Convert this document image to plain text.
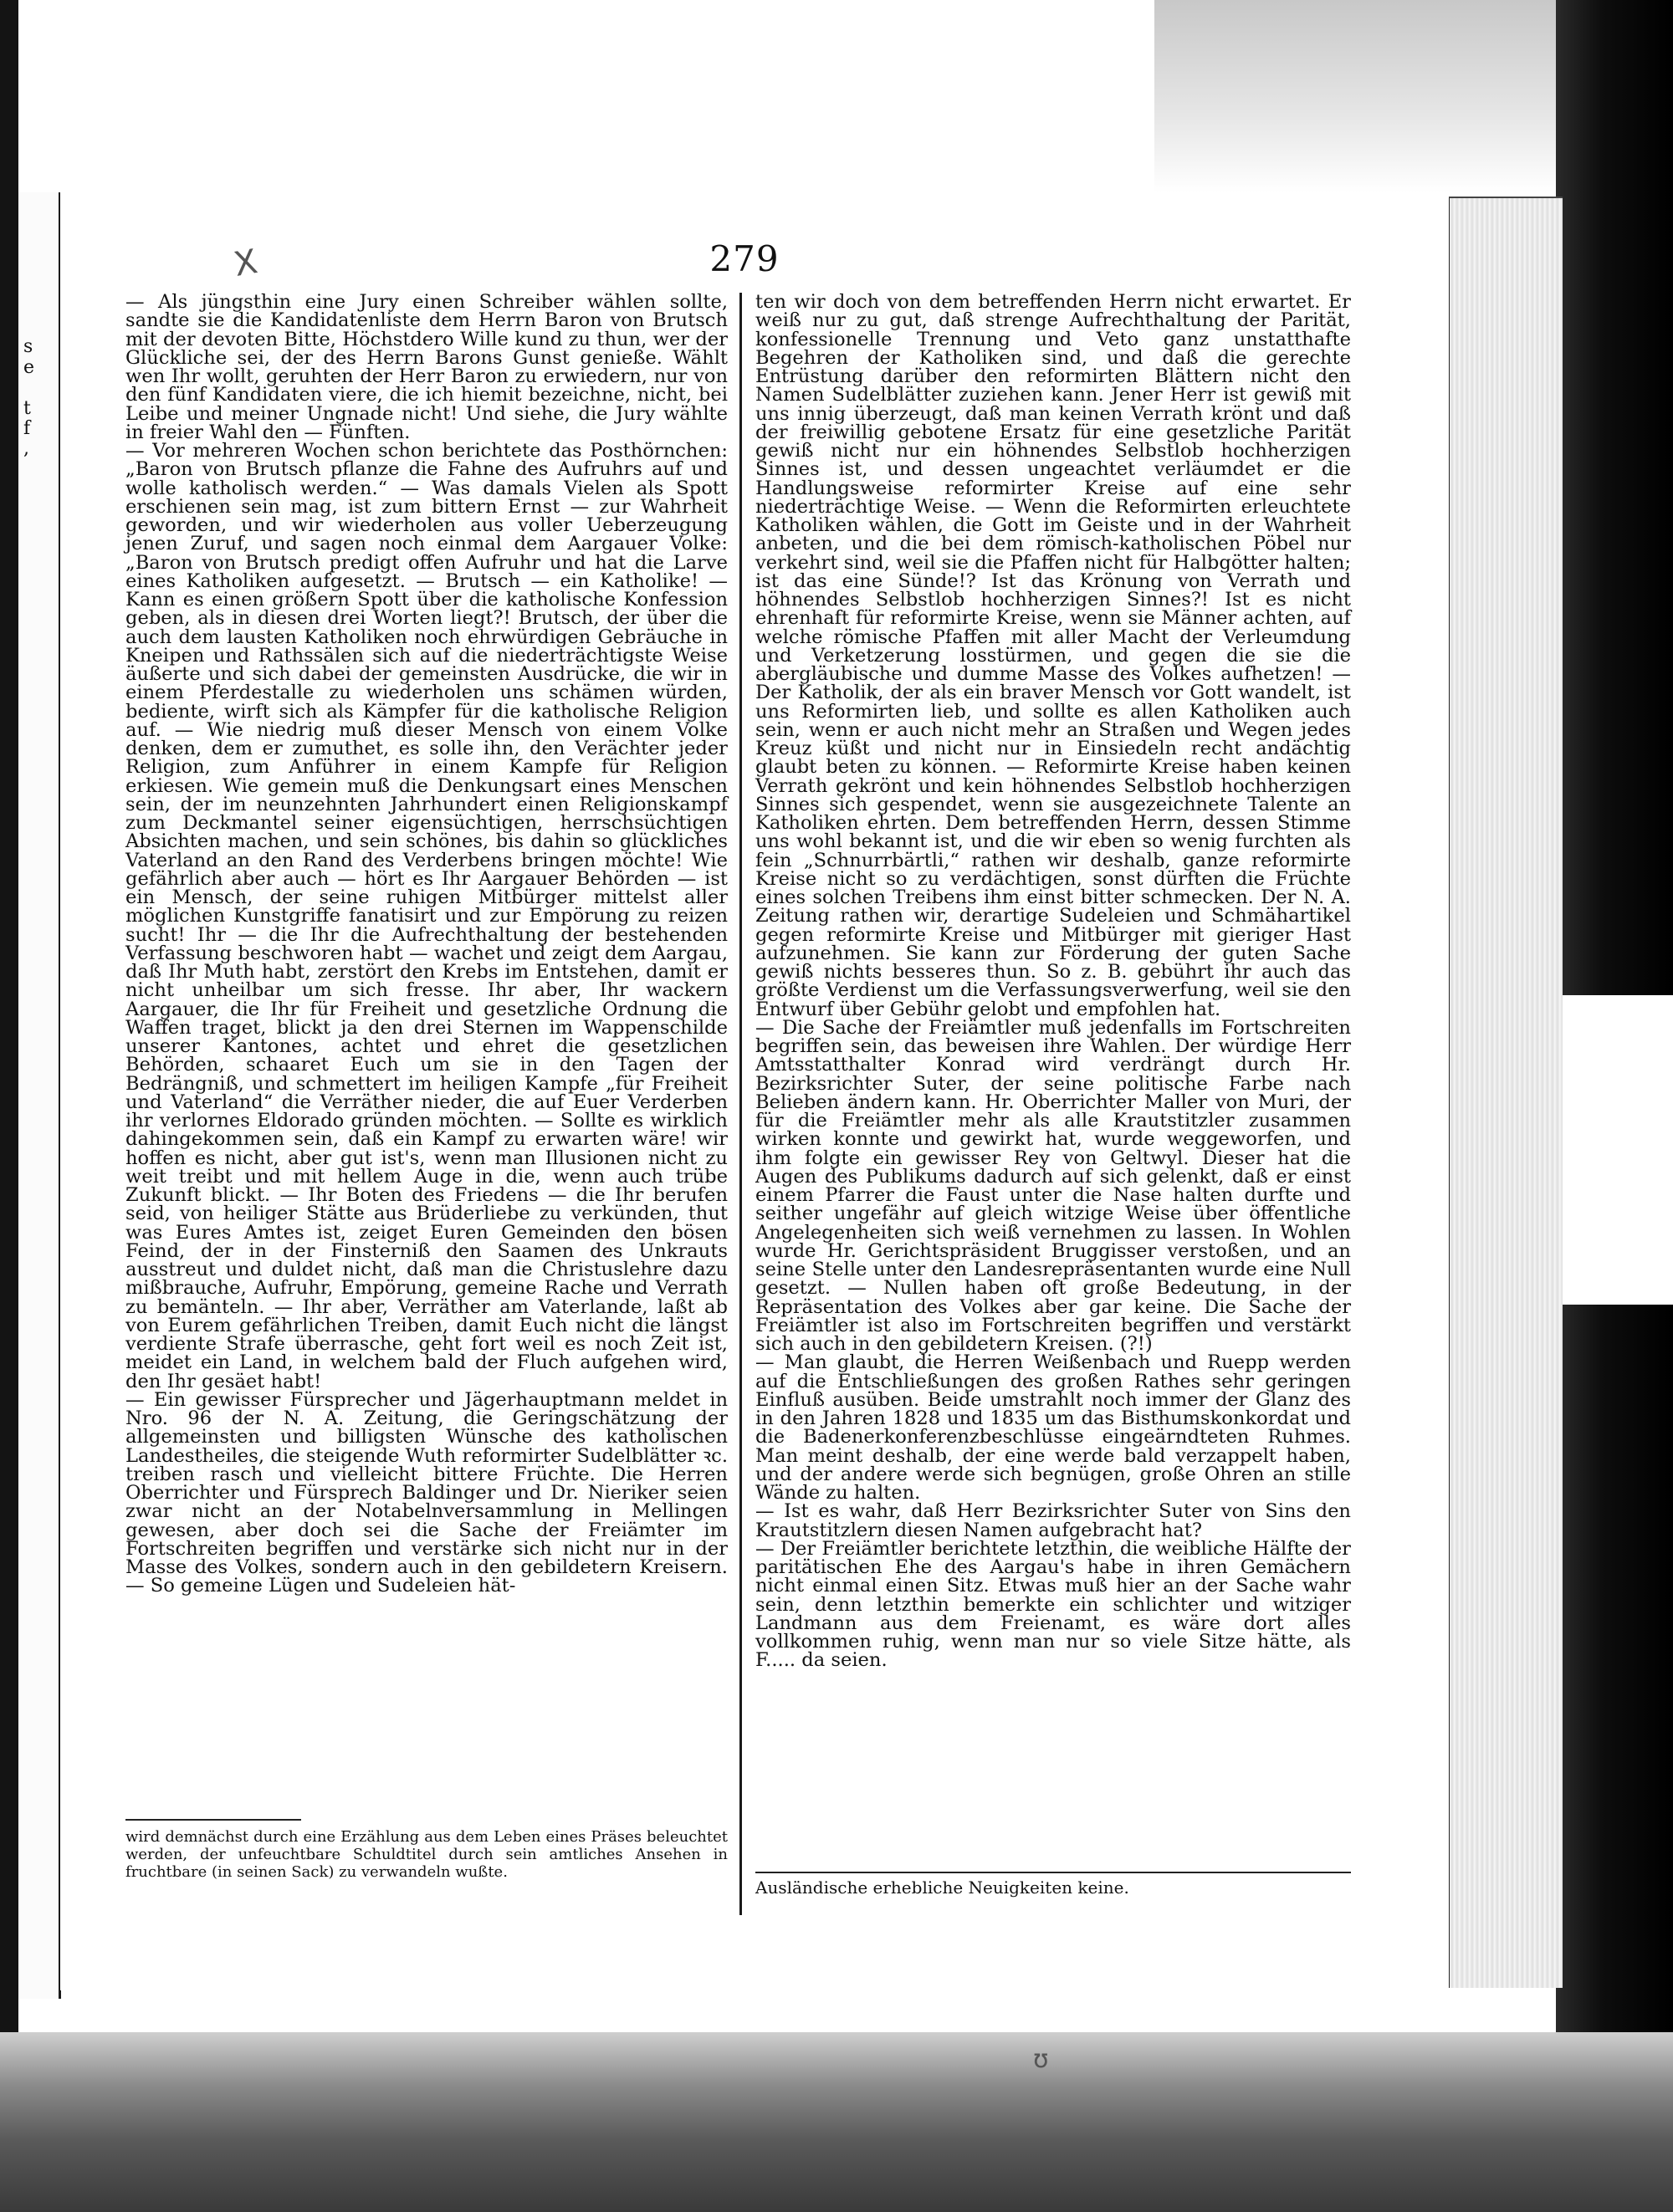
s
e
t
f
,
X	279

— Als jüngsthin eine Jury einen Schreiber wählen sollte, sandte sie die Kandidatenliste dem Herrn Baron von Brutsch mit der devoten Bitte, Höchstdero Wille kund zu thun, wer der Glückliche sei, der des Herrn Barons Gunst genieße. Wählt wen Ihr wollt, geruhten der Herr Baron zu erwiedern, nur von den fünf Kandidaten viere, die ich hiemit bezeichne, nicht, bei Leibe und meiner Ungnade nicht! Und siehe, die Jury wählte in freier Wahl den — Fünften.

— Vor mehreren Wochen schon berichtete das Posthörnchen: „Baron von Brutsch pflanze die Fahne des Aufruhrs auf und wolle katholisch werden.“ — Was damals Vielen als Spott erschienen sein mag, ist zum bittern Ernst — zur Wahrheit geworden, und wir wiederholen aus voller Ueberzeugung jenen Zuruf, und sagen noch einmal dem Aargauer Volke: „Baron von Brutsch predigt offen Aufruhr und hat die Larve eines Katholiken aufgesetzt. — Brutsch — ein Katholike! — Kann es einen größern Spott über die katholische Konfession geben, als in diesen drei Worten liegt?! Brutsch, der über die auch dem lausten Katholiken noch ehrwürdigen Gebräuche in Kneipen und Rathssälen sich auf die niederträchtigste Weise äußerte und sich dabei der gemeinsten Ausdrücke, die wir in einem Pferdestalle zu wiederholen uns schämen würden, bediente, wirft sich als Kämpfer für die katholische Religion auf. — Wie niedrig muß dieser Mensch von einem Volke denken, dem er zumuthet, es solle ihn, den Verächter jeder Religion, zum Anführer in einem Kampfe für Religion erkiesen. Wie gemein muß die Denkungsart eines Menschen sein, der im neunzehnten Jahrhundert einen Religionskampf zum Deckmantel seiner eigensüchtigen, herrschsüchtigen Absichten machen, und sein schönes, bis dahin so glückliches Vaterland an den Rand des Verderbens bringen möchte! Wie gefährlich aber auch — hört es Ihr Aargauer Behörden — ist ein Mensch, der seine ruhigen Mitbürger mittelst aller möglichen Kunstgriffe fanatisirt und zur Empörung zu reizen sucht! Ihr — die Ihr die Aufrechthaltung der bestehenden Verfassung beschworen habt — wachet und zeigt dem Aargau, daß Ihr Muth habt, zerstört den Krebs im Entstehen, damit er nicht unheilbar um sich fresse. Ihr aber, Ihr wackern Aargauer, die Ihr für Freiheit und gesetzliche Ordnung die Waffen traget, blickt ja den drei Sternen im Wappenschilde unserer Kantones, achtet und ehret die gesetzlichen Behörden, schaaret Euch um sie in den Tagen der Bedrängniß, und schmettert im heiligen Kampfe „für Freiheit und Vaterland“ die Verräther nieder, die auf Euer Verderben ihr verlornes Eldorado gründen möchten. — Sollte es wirklich dahingekommen sein, daß ein Kampf zu erwarten wäre! wir hoffen es nicht, aber gut ist's, wenn man Illusionen nicht zu weit treibt und mit hellem Auge in die, wenn auch trübe Zukunft blickt. — Ihr Boten des Friedens — die Ihr berufen seid, von heiliger Stätte aus Brüderliebe zu verkünden, thut was Eures Amtes ist, zeiget Euren Gemeinden den bösen Feind, der in der Finsterniß den Saamen des Unkrauts ausstreut und duldet nicht, daß man die Christuslehre dazu mißbrauche, Aufruhr, Empörung, gemeine Rache und Verrath zu bemänteln. — Ihr aber, Verräther am Vaterlande, laßt ab von Eurem gefährlichen Treiben, damit Euch nicht die längst verdiente Strafe überrasche, geht fort weil es noch Zeit ist, meidet ein Land, in welchem bald der Fluch aufgehen wird, den Ihr gesäet habt!

— Ein gewisser Fürsprecher und Jägerhauptmann meldet in Nro. 96 der N. A. Zeitung, die Geringschätzung der allgemeinsten und billigsten Wünsche des katholischen Landestheiles, die steigende Wuth reformirter Sudelblätter ꝛc. treiben rasch und vielleicht bittere Früchte. Die Herren Oberrichter und Fürsprech Baldinger und Dr. Nieriker seien zwar nicht an der Notabelnversammlung in Mellingen gewesen, aber doch sei die Sache der Freiämter im Fortschreiten begriffen und verstärke sich nicht nur in der Masse des Volkes, sondern auch in den gebildetern Kreisern. — So gemeine Lügen und Sudeleien hät-

ten wir doch von dem betreffenden Herrn nicht erwartet. Er weiß nur zu gut, daß strenge Aufrechthaltung der Parität, konfessionelle Trennung und Veto ganz unstatthafte Begehren der Katholiken sind, und daß die gerechte Entrüstung darüber den reformirten Blättern nicht den Namen Sudelblätter zuziehen kann. Jener Herr ist gewiß mit uns innig überzeugt, daß man keinen Verrath krönt und daß der freiwillig gebotene Ersatz für eine gesetzliche Parität gewiß nicht nur ein höhnendes Selbstlob hochherzigen Sinnes ist, und dessen ungeachtet verläumdet er die Handlungsweise reformirter Kreise auf eine sehr niederträchtige Weise. — Wenn die Reformirten erleuchtete Katholiken wählen, die Gott im Geiste und in der Wahrheit anbeten, und die bei dem römisch-katholischen Pöbel nur verkehrt sind, weil sie die Pfaffen nicht für Halbgötter halten; ist das eine Sünde!? Ist das Krönung von Verrath und höhnendes Selbstlob hochherzigen Sinnes?! Ist es nicht ehrenhaft für reformirte Kreise, wenn sie Männer achten, auf welche römische Pfaffen mit aller Macht der Verleumdung und Verketzerung losstürmen, und gegen die sie die abergläubische und dumme Masse des Volkes aufhetzen! — Der Katholik, der als ein braver Mensch vor Gott wandelt, ist uns Reformirten lieb, und sollte es allen Katholiken auch sein, wenn er auch nicht mehr an Straßen und Wegen jedes Kreuz küßt und nicht nur in Einsiedeln recht andächtig glaubt beten zu können. — Reformirte Kreise haben keinen Verrath gekrönt und kein höhnendes Selbstlob hochherzigen Sinnes sich gespendet, wenn sie ausgezeichnete Talente an Katholiken ehrten. Dem betreffenden Herrn, dessen Stimme uns wohl bekannt ist, und die wir eben so wenig furchten als fein „Schnurrbärtli,“ rathen wir deshalb, ganze reformirte Kreise nicht so zu verdächtigen, sonst dürften die Früchte eines solchen Treibens ihm einst bitter schmecken. Der N. A. Zeitung rathen wir, derartige Sudeleien und Schmähartikel gegen reformirte Kreise und Mitbürger mit gieriger Hast aufzunehmen. Sie kann zur Förderung der guten Sache gewiß nichts besseres thun. So z. B. gebührt ihr auch das größte Verdienst um die Verfassungsverwerfung, weil sie den Entwurf über Gebühr gelobt und empfohlen hat.

— Die Sache der Freiämtler muß jedenfalls im Fortschreiten begriffen sein, das beweisen ihre Wahlen. Der würdige Herr Amtsstatthalter Konrad wird verdrängt durch Hr. Bezirksrichter Suter, der seine politische Farbe nach Belieben ändern kann. Hr. Oberrichter Maller von Muri, der für die Freiämtler mehr als alle Krautstitzler zusammen wirken konnte und gewirkt hat, wurde weggeworfen, und ihm folgte ein gewisser Rey von Geltwyl. Dieser hat die Augen des Publikums dadurch auf sich gelenkt, daß er einst einem Pfarrer die Faust unter die Nase halten durfte und seither ungefähr auf gleich witzige Weise über öffentliche Angelegenheiten sich weiß vernehmen zu lassen. In Wohlen wurde Hr. Gerichtspräsident Bruggisser verstoßen, und an seine Stelle unter den Landesrepräsentanten wurde eine Null gesetzt. — Nullen haben oft große Bedeutung, in der Repräsentation des Volkes aber gar keine. Die Sache der Freiämtler ist also im Fortschreiten begriffen und verstärkt sich auch in den gebildetern Kreisen. (?!)

— Man glaubt, die Herren Weißenbach und Ruepp werden auf die Entschließungen des großen Rathes sehr geringen Einfluß ausüben. Beide umstrahlt noch immer der Glanz des in den Jahren 1828 und 1835 um das Bisthumskonkordat und die Badenerkonferenzbeschlüsse eingeärndteten Ruhmes. Man meint deshalb, der eine werde bald verzappelt haben, und der andere werde sich begnügen, große Ohren an stille Wände zu halten.

— Ist es wahr, daß Herr Bezirksrichter Suter von Sins den Krautstitzlern diesen Namen aufgebracht hat?

— Der Freiämtler berichtete letzthin, die weibliche Hälfte der paritätischen Ehe des Aargau's habe in ihren Gemächern nicht einmal einen Sitz. Etwas muß hier an der Sache wahr sein, denn letzthin bemerkte ein schlichter und witziger Landmann aus dem Freienamt, es wäre dort alles vollkommen ruhig, wenn man nur so viele Sitze hätte, als F..... da seien.

wird demnächst durch eine Erzählung aus dem Leben eines Präses beleuchtet werden, der unfeuchtbare Schuldtitel durch sein amtliches Ansehen in fruchtbare (in seinen Sack) zu verwandeln wußte.
Ausländische erhebliche Neuigkeiten keine.
ʊ
